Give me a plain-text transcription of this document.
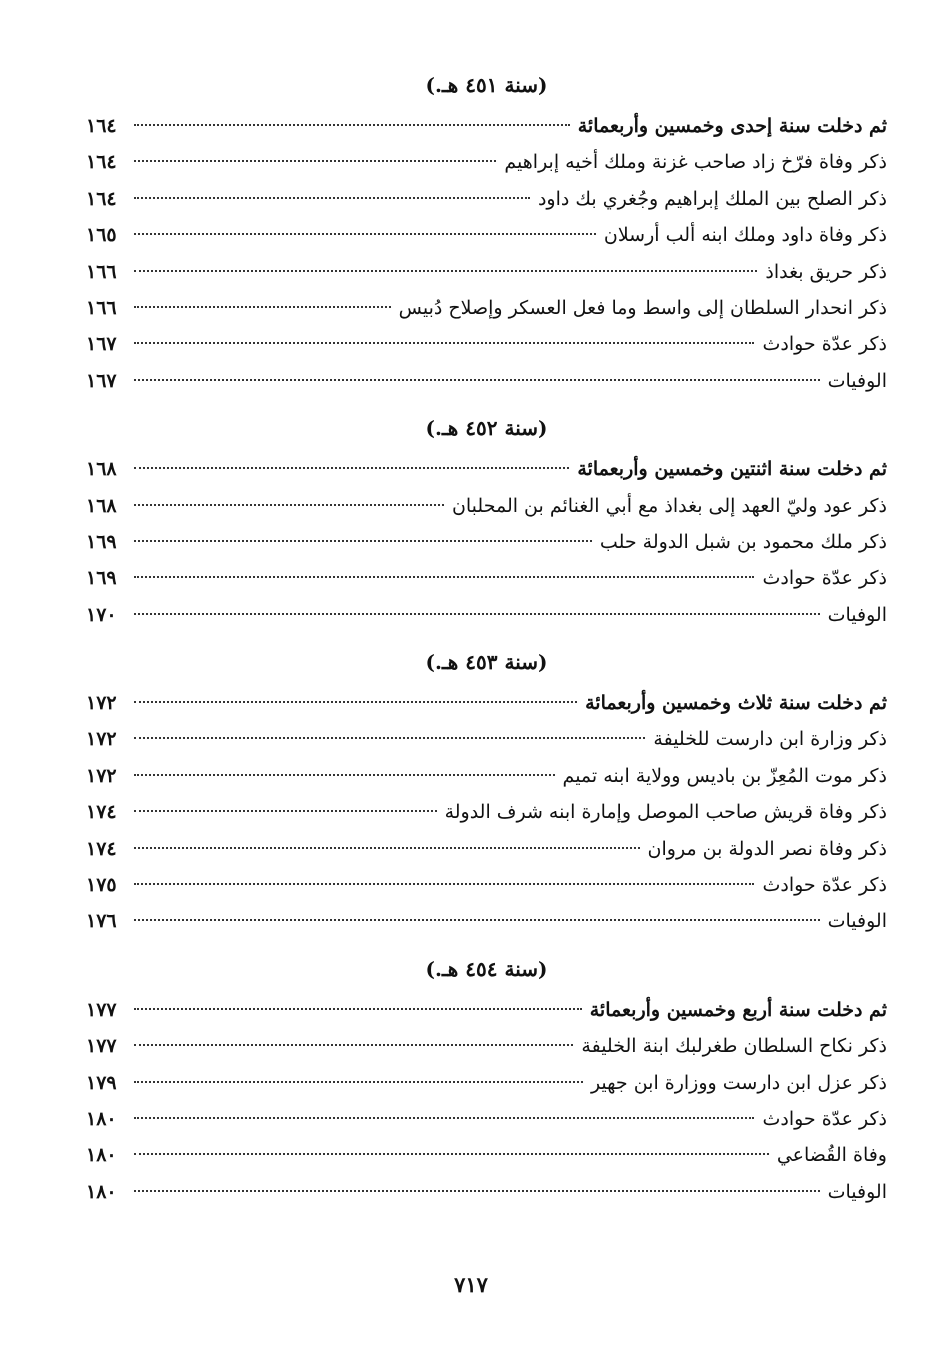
(سنة ٤٥١ هـ.)
ثم دخلت سنة إحدى وخمسين وأربعمائة
١٦٤
ذكر وفاة فرّخ زاد صاحب غزنة وملك أخيه إبراهيم
١٦٤
ذكر الصلح بين الملك إبراهيم وجُغري بك داود
١٦٤
ذكر وفاة داود وملك ابنه ألب أرسلان
١٦٥
ذكر حريق بغداذ
١٦٦
ذكر انحدار السلطان إلى واسط وما فعل العسكر وإصلاح دُبيس
١٦٦
ذكر عدّة حوادث
١٦٧
الوفيات
١٦٧
(سنة ٤٥٢ هـ.)
ثم دخلت سنة اثنتين وخمسين وأربعمائة
١٦٨
ذكر عود وليّ العهد إلى بغداذ مع أبي الغنائم بن المحلبان
١٦٨
ذكر ملك محمود بن شبل الدولة حلب
١٦٩
ذكر عدّة حوادث
١٦٩
الوفيات
١٧٠
(سنة ٤٥٣ هـ.)
ثم دخلت سنة ثلاث وخمسين وأربعمائة
١٧٢
ذكر وزارة ابن دارست للخليفة
١٧٢
ذكر موت المُعِزّ بن باديس وولاية ابنه تميم
١٧٢
ذكر وفاة قريش صاحب الموصل وإمارة ابنه شرف الدولة
١٧٤
ذكر وفاة نصر الدولة بن مروان
١٧٤
ذكر عدّة حوادث
١٧٥
الوفيات
١٧٦
(سنة ٤٥٤ هـ.)
ثم دخلت سنة أربع وخمسين وأربعمائة
١٧٧
ذكر نكاح السلطان طغرلبك ابنة الخليفة
١٧٧
ذكر عزل ابن دارست ووزارة ابن جهير
١٧٩
ذكر عدّة حوادث
١٨٠
وفاة القُضاعي
١٨٠
الوفيات
١٨٠
٧١٧
